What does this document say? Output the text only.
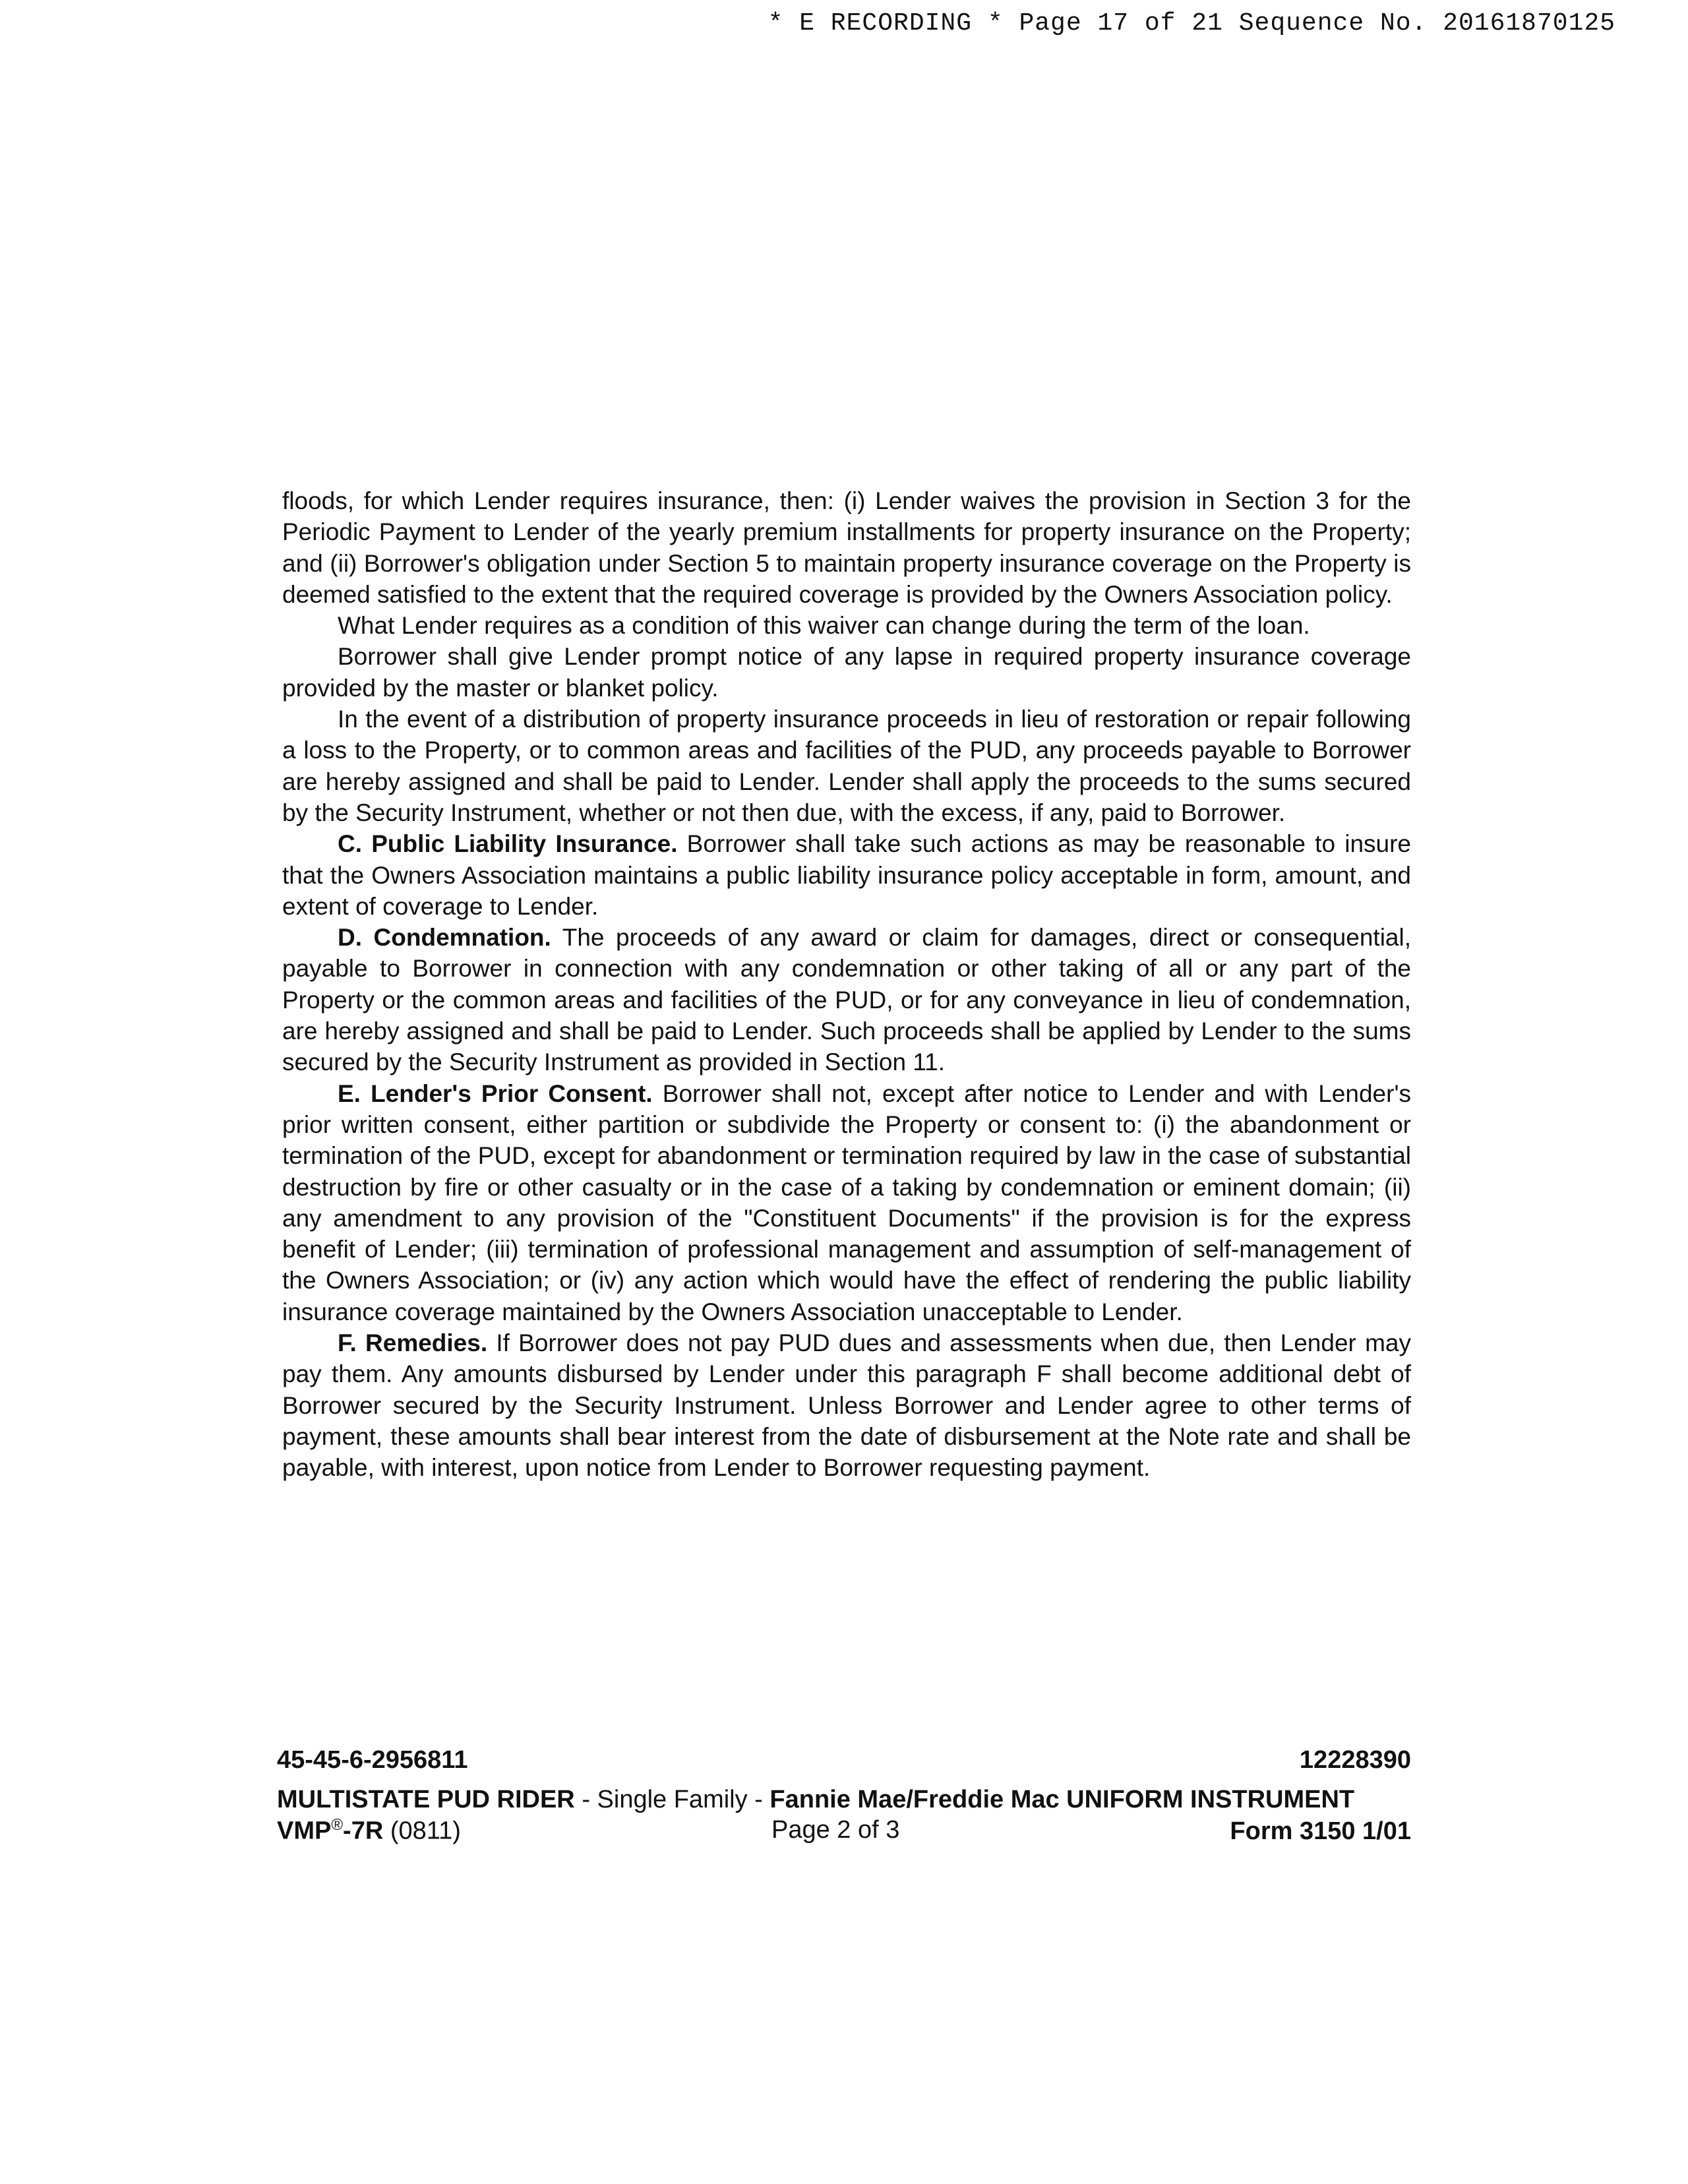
* E RECORDING * Page 17 of 21 Sequence No. 20161870125

floods, for which Lender requires insurance, then: (i) Lender waives the provision in Section 3 for the Periodic Payment to Lender of the yearly premium installments for property insurance on the Property; and (ii) Borrower's obligation under Section 5 to maintain property insurance coverage on the Property is deemed satisfied to the extent that the required coverage is provided by the Owners Association policy.

What Lender requires as a condition of this waiver can change during the term of the loan.

Borrower shall give Lender prompt notice of any lapse in required property insurance coverage provided by the master or blanket policy.

In the event of a distribution of property insurance proceeds in lieu of restoration or repair following a loss to the Property, or to common areas and facilities of the PUD, any proceeds payable to Borrower are hereby assigned and shall be paid to Lender. Lender shall apply the proceeds to the sums secured by the Security Instrument, whether or not then due, with the excess, if any, paid to Borrower.

C. Public Liability Insurance. Borrower shall take such actions as may be reasonable to insure that the Owners Association maintains a public liability insurance policy acceptable in form, amount, and extent of coverage to Lender.

D. Condemnation. The proceeds of any award or claim for damages, direct or consequential, payable to Borrower in connection with any condemnation or other taking of all or any part of the Property or the common areas and facilities of the PUD, or for any conveyance in lieu of condemnation, are hereby assigned and shall be paid to Lender. Such proceeds shall be applied by Lender to the sums secured by the Security Instrument as provided in Section 11.

E. Lender's Prior Consent. Borrower shall not, except after notice to Lender and with Lender's prior written consent, either partition or subdivide the Property or consent to: (i) the abandonment or termination of the PUD, except for abandonment or termination required by law in the case of substantial destruction by fire or other casualty or in the case of a taking by condemnation or eminent domain; (ii) any amendment to any provision of the "Constituent Documents" if the provision is for the express benefit of Lender; (iii) termination of professional management and assumption of self-management of the Owners Association; or (iv) any action which would have the effect of rendering the public liability insurance coverage maintained by the Owners Association unacceptable to Lender.

F. Remedies. If Borrower does not pay PUD dues and assessments when due, then Lender may pay them. Any amounts disbursed by Lender under this paragraph F shall become additional debt of Borrower secured by the Security Instrument. Unless Borrower and Lender agree to other terms of payment, these amounts shall bear interest from the date of disbursement at the Note rate and shall be payable, with interest, upon notice from Lender to Borrower requesting payment.

45-45-6-2956811	12228390
MULTISTATE PUD RIDER - Single Family - Fannie Mae/Freddie Mac UNIFORM INSTRUMENT
VMP®-7R (0811)	Page 2 of 3	Form 3150 1/01
